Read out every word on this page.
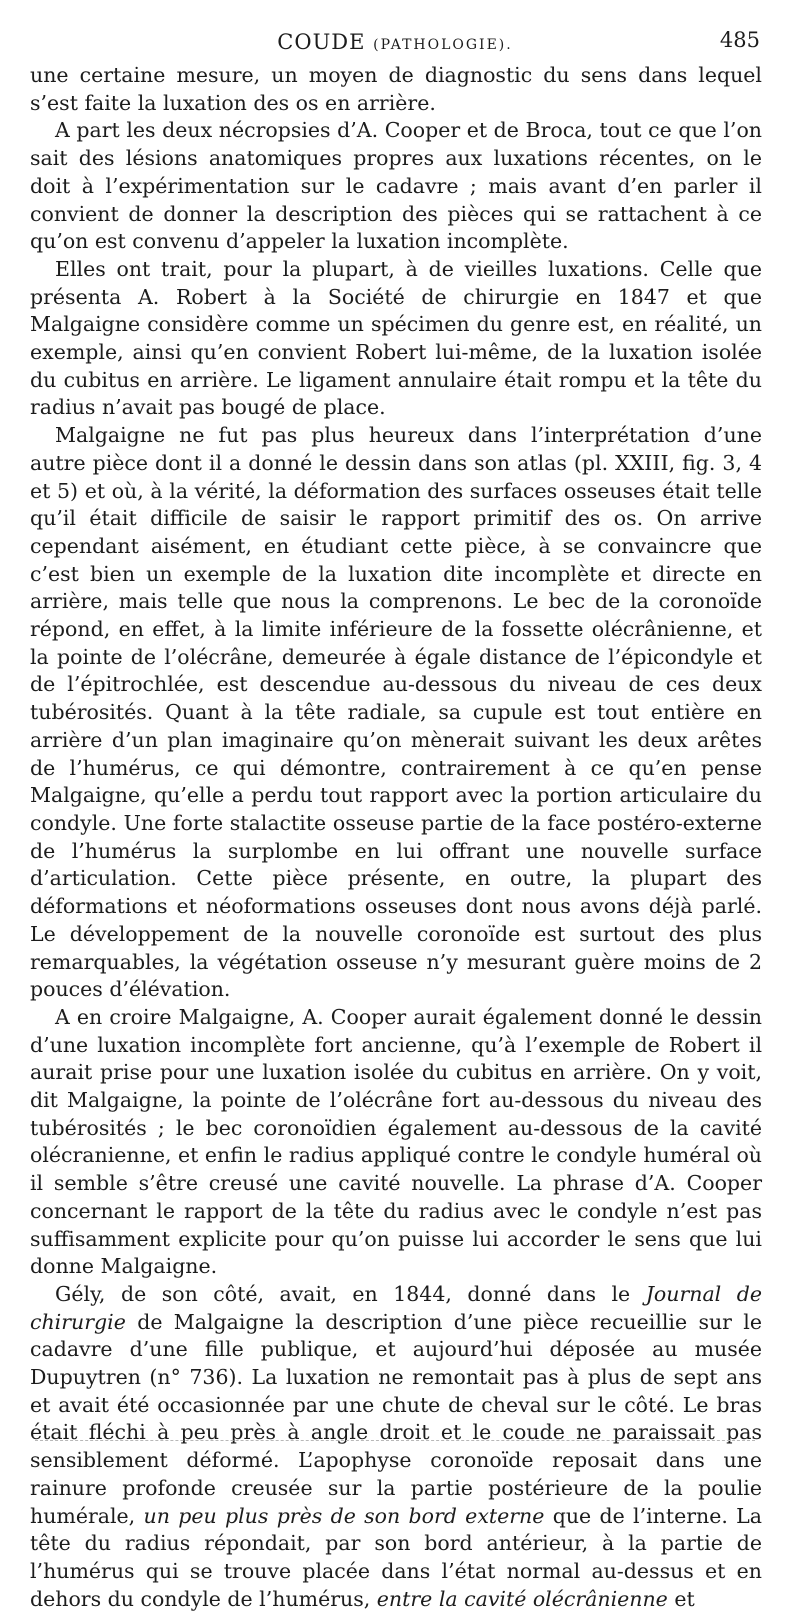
COUDE (PATHOLOGIE).	485

une certaine mesure, un moyen de diagnostic du sens dans lequel s’est faite la luxation des os en arrière.

A part les deux nécropsies d’A. Cooper et de Broca, tout ce que l’on sait des lésions anatomiques propres aux luxations récentes, on le doit à l’expérimentation sur le cadavre ; mais avant d’en parler il convient de donner la description des pièces qui se rattachent à ce qu’on est convenu d’appeler la luxation incomplète.

Elles ont trait, pour la plupart, à de vieilles luxations. Celle que présenta A. Robert à la Société de chirurgie en 1847 et que Malgaigne considère comme un spécimen du genre est, en réalité, un exemple, ainsi qu’en convient Robert lui-même, de la luxation isolée du cubitus en arrière. Le ligament annulaire était rompu et la tête du radius n’avait pas bougé de place.

Malgaigne ne fut pas plus heureux dans l’interprétation d’une autre pièce dont il a donné le dessin dans son atlas (pl. XXIII, fig. 3, 4 et 5) et où, à la vérité, la déformation des surfaces osseuses était telle qu’il était difficile de saisir le rapport primitif des os. On arrive cependant aisément, en étudiant cette pièce, à se convaincre que c’est bien un exemple de la luxation dite incomplète et directe en arrière, mais telle que nous la comprenons. Le bec de la coronoïde répond, en effet, à la limite inférieure de la fossette olécrânienne, et la pointe de l’olécrâne, demeurée à égale distance de l’épicondyle et de l’épitrochlée, est descendue au-dessous du niveau de ces deux tubérosités. Quant à la tête radiale, sa cupule est tout entière en arrière d’un plan imaginaire qu’on mènerait suivant les deux arêtes de l’humérus, ce qui démontre, contrairement à ce qu’en pense Malgaigne, qu’elle a perdu tout rapport avec la portion articulaire du condyle. Une forte stalactite osseuse partie de la face postéro-externe de l’humérus la surplombe en lui offrant une nouvelle surface d’articulation. Cette pièce présente, en outre, la plupart des déformations et néoformations osseuses dont nous avons déjà parlé. Le développement de la nouvelle coronoïde est surtout des plus remarquables, la végétation osseuse n’y mesurant guère moins de 2 pouces d’élévation.

A en croire Malgaigne, A. Cooper aurait également donné le dessin d’une luxation incomplète fort ancienne, qu’à l’exemple de Robert il aurait prise pour une luxation isolée du cubitus en arrière. On y voit, dit Malgaigne, la pointe de l’olécrâne fort au-dessous du niveau des tubérosités ; le bec coronoïdien également au-dessous de la cavité olécranienne, et enfin le radius appliqué contre le condyle huméral où il semble s’être creusé une cavité nouvelle. La phrase d’A. Cooper concernant le rapport de la tête du radius avec le condyle n’est pas suffisamment explicite pour qu’on puisse lui accorder le sens que lui donne Malgaigne.

Gély, de son côté, avait, en 1844, donné dans le Journal de chirurgie de Malgaigne la description d’une pièce recueillie sur le cadavre d’une fille publique, et aujourd’hui déposée au musée Dupuytren (n° 736). La luxation ne remontait pas à plus de sept ans et avait été occasionnée par une chute de cheval sur le côté. Le bras était fléchi à peu près à angle droit et le coude ne paraissait pas sensiblement déformé. L’apophyse coronoïde reposait dans une rainure profonde creusée sur la partie postérieure de la poulie humérale, un peu plus près de son bord externe que de l’interne. La tête du radius répondait, par son bord antérieur, à la partie de l’humérus qui se trouve placée dans l’état normal au-dessus et en dehors du condyle de l’humérus, entre la cavité olécrânienne et
